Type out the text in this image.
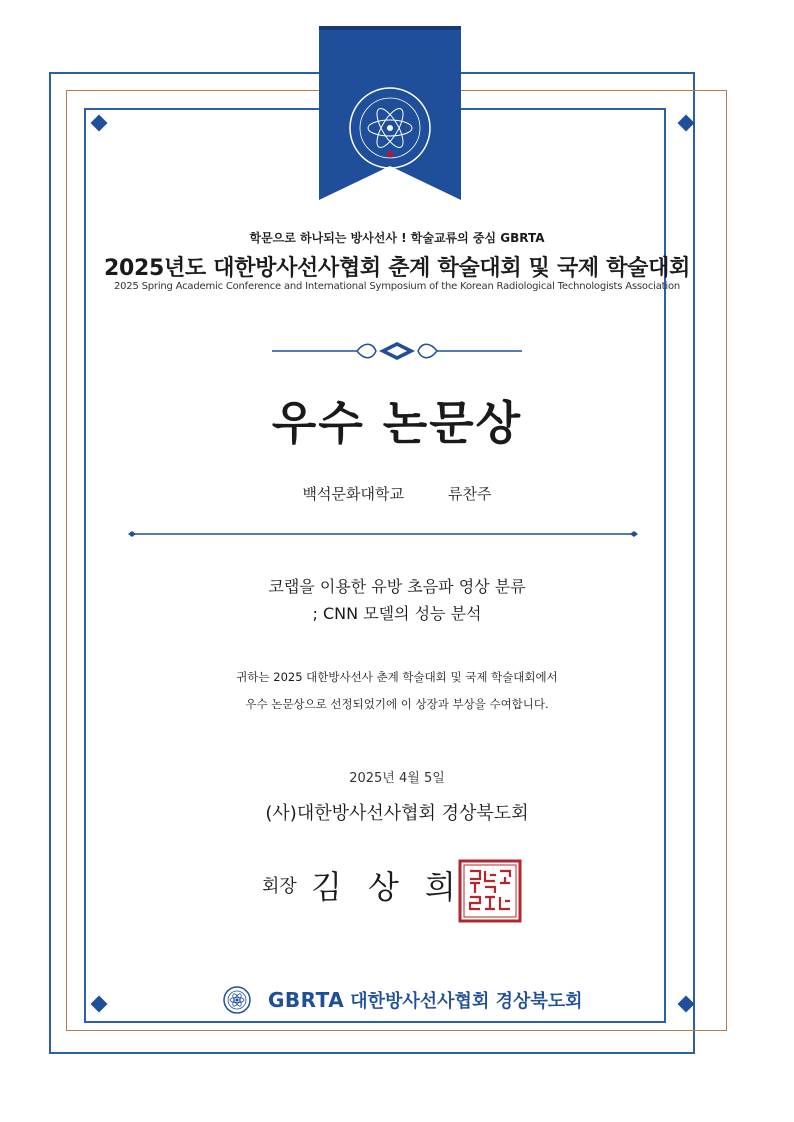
학문으로 하나되는 방사선사 ! 학술교류의 중심 GBRTA
2025년도 대한방사선사협회 춘계 학술대회 및 국제 학술대회
2025 Spring Academic Conference and International Symposium of the Korean Radiological Technologists Association
우수 논문상
백석문화대학교	류찬주
코랩을 이용한 유방 초음파 영상 분류
; CNN 모델의 성능 분석
귀하는 2025 대한방사선사 춘계 학술대회 및 국제 학술대회에서
우수 논문상으로 선정되었기에 이 상장과 부상을 수여합니다.
2025년 4월 5일
(사)대한방사선사협회 경상북도회
회장 김상희
GBRTA 대한방사선사협회 경상북도회
